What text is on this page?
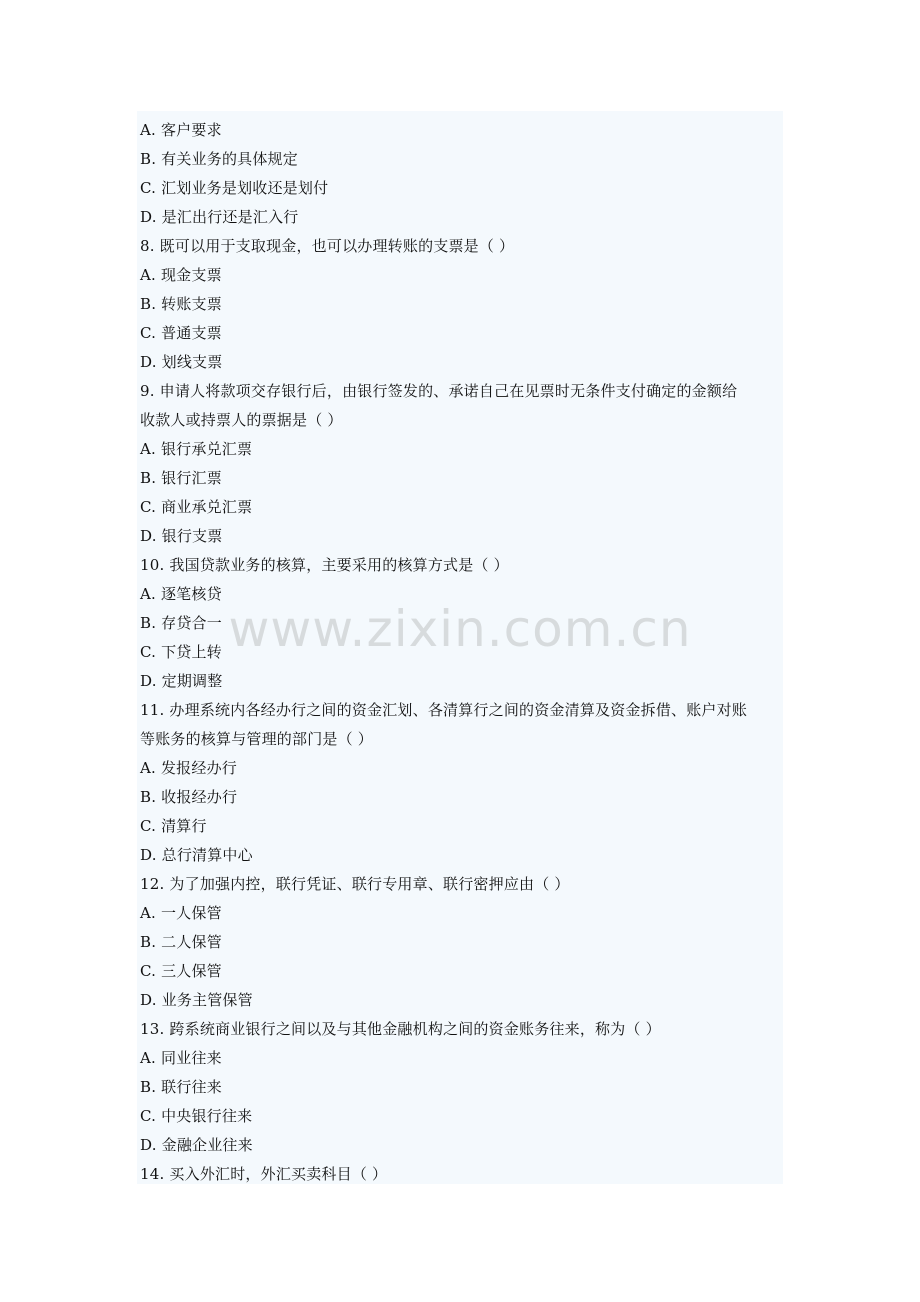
A. 客户要求
B. 有关业务的具体规定
C. 汇划业务是划收还是划付
D. 是汇出行还是汇入行
8. 既可以用于支取现金，也可以办理转账的支票是（ ）
A. 现金支票
B. 转账支票
C. 普通支票
D. 划线支票
9. 申请人将款项交存银行后，由银行签发的、承诺自己在见票时无条件支付确定的金额给
收款人或持票人的票据是（ ）
A. 银行承兑汇票
B. 银行汇票
C. 商业承兑汇票
D. 银行支票
10. 我国贷款业务的核算，主要采用的核算方式是（ ）
A. 逐笔核贷
B. 存贷合一
C. 下贷上转
D. 定期调整
11. 办理系统内各经办行之间的资金汇划、各清算行之间的资金清算及资金拆借、账户对账
等账务的核算与管理的部门是（ ）
A. 发报经办行
B. 收报经办行
C. 清算行
D. 总行清算中心
12. 为了加强内控，联行凭证、联行专用章、联行密押应由（ ）
A. 一人保管
B. 二人保管
C. 三人保管
D. 业务主管保管
13. 跨系统商业银行之间以及与其他金融机构之间的资金账务往来，称为（ ）
A. 同业往来
B. 联行往来
C. 中央银行往来
D. 金融企业往来
14. 买入外汇时，外汇买卖科目（ ）
www.zixin.com.cn
